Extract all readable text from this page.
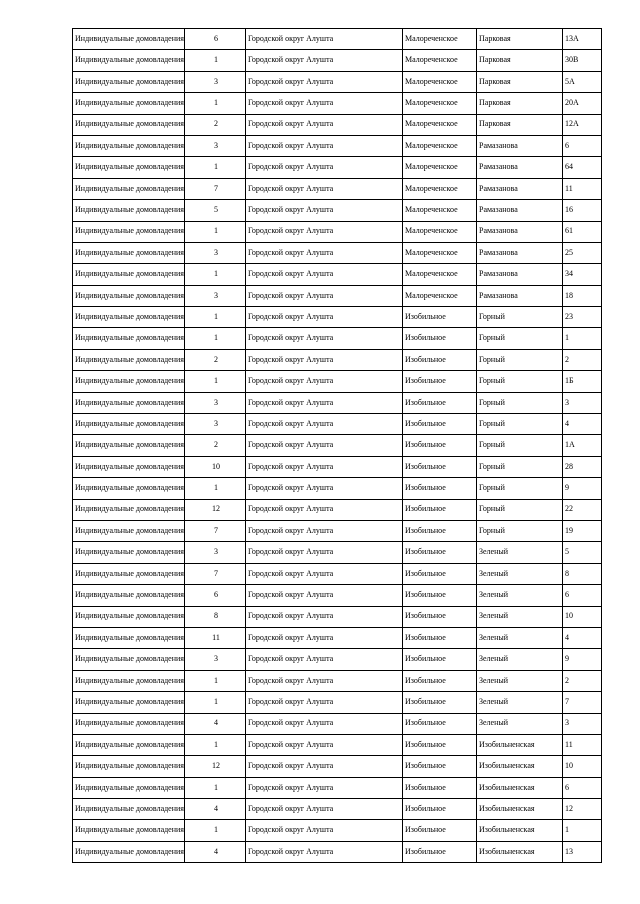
Индивидуальные домовладения	6	Городской округ Алушта	Малореченское	Парковая	13А
Индивидуальные домовладения	1	Городской округ Алушта	Малореченское	Парковая	30В
Индивидуальные домовладения	3	Городской округ Алушта	Малореченское	Парковая	5А
Индивидуальные домовладения	1	Городской округ Алушта	Малореченское	Парковая	20А
Индивидуальные домовладения	2	Городской округ Алушта	Малореченское	Парковая	12А
Индивидуальные домовладения	3	Городской округ Алушта	Малореченское	Рамазанова	6
Индивидуальные домовладения	1	Городской округ Алушта	Малореченское	Рамазанова	64
Индивидуальные домовладения	7	Городской округ Алушта	Малореченское	Рамазанова	11
Индивидуальные домовладения	5	Городской округ Алушта	Малореченское	Рамазанова	16
Индивидуальные домовладения	1	Городской округ Алушта	Малореченское	Рамазанова	61
Индивидуальные домовладения	3	Городской округ Алушта	Малореченское	Рамазанова	25
Индивидуальные домовладения	1	Городской округ Алушта	Малореченское	Рамазанова	34
Индивидуальные домовладения	3	Городской округ Алушта	Малореченское	Рамазанова	18
Индивидуальные домовладения	1	Городской округ Алушта	Изобильное	Горный	23
Индивидуальные домовладения	1	Городской округ Алушта	Изобильное	Горный	1
Индивидуальные домовладения	2	Городской округ Алушта	Изобильное	Горный	2
Индивидуальные домовладения	1	Городской округ Алушта	Изобильное	Горный	1Б
Индивидуальные домовладения	3	Городской округ Алушта	Изобильное	Горный	3
Индивидуальные домовладения	3	Городской округ Алушта	Изобильное	Горный	4
Индивидуальные домовладения	2	Городской округ Алушта	Изобильное	Горный	1А
Индивидуальные домовладения	10	Городской округ Алушта	Изобильное	Горный	28
Индивидуальные домовладения	1	Городской округ Алушта	Изобильное	Горный	9
Индивидуальные домовладения	12	Городской округ Алушта	Изобильное	Горный	22
Индивидуальные домовладения	7	Городской округ Алушта	Изобильное	Горный	19
Индивидуальные домовладения	3	Городской округ Алушта	Изобильное	Зеленый	5
Индивидуальные домовладения	7	Городской округ Алушта	Изобильное	Зеленый	8
Индивидуальные домовладения	6	Городской округ Алушта	Изобильное	Зеленый	6
Индивидуальные домовладения	8	Городской округ Алушта	Изобильное	Зеленый	10
Индивидуальные домовладения	11	Городской округ Алушта	Изобильное	Зеленый	4
Индивидуальные домовладения	3	Городской округ Алушта	Изобильное	Зеленый	9
Индивидуальные домовладения	1	Городской округ Алушта	Изобильное	Зеленый	2
Индивидуальные домовладения	1	Городской округ Алушта	Изобильное	Зеленый	7
Индивидуальные домовладения	4	Городской округ Алушта	Изобильное	Зеленый	3
Индивидуальные домовладения	1	Городской округ Алушта	Изобильное	Изобильненская	11
Индивидуальные домовладения	12	Городской округ Алушта	Изобильное	Изобильненская	10
Индивидуальные домовладения	1	Городской округ Алушта	Изобильное	Изобильненская	6
Индивидуальные домовладения	4	Городской округ Алушта	Изобильное	Изобильненская	12
Индивидуальные домовладения	1	Городской округ Алушта	Изобильное	Изобильненская	1
Индивидуальные домовладения	4	Городской округ Алушта	Изобильное	Изобильненская	13
